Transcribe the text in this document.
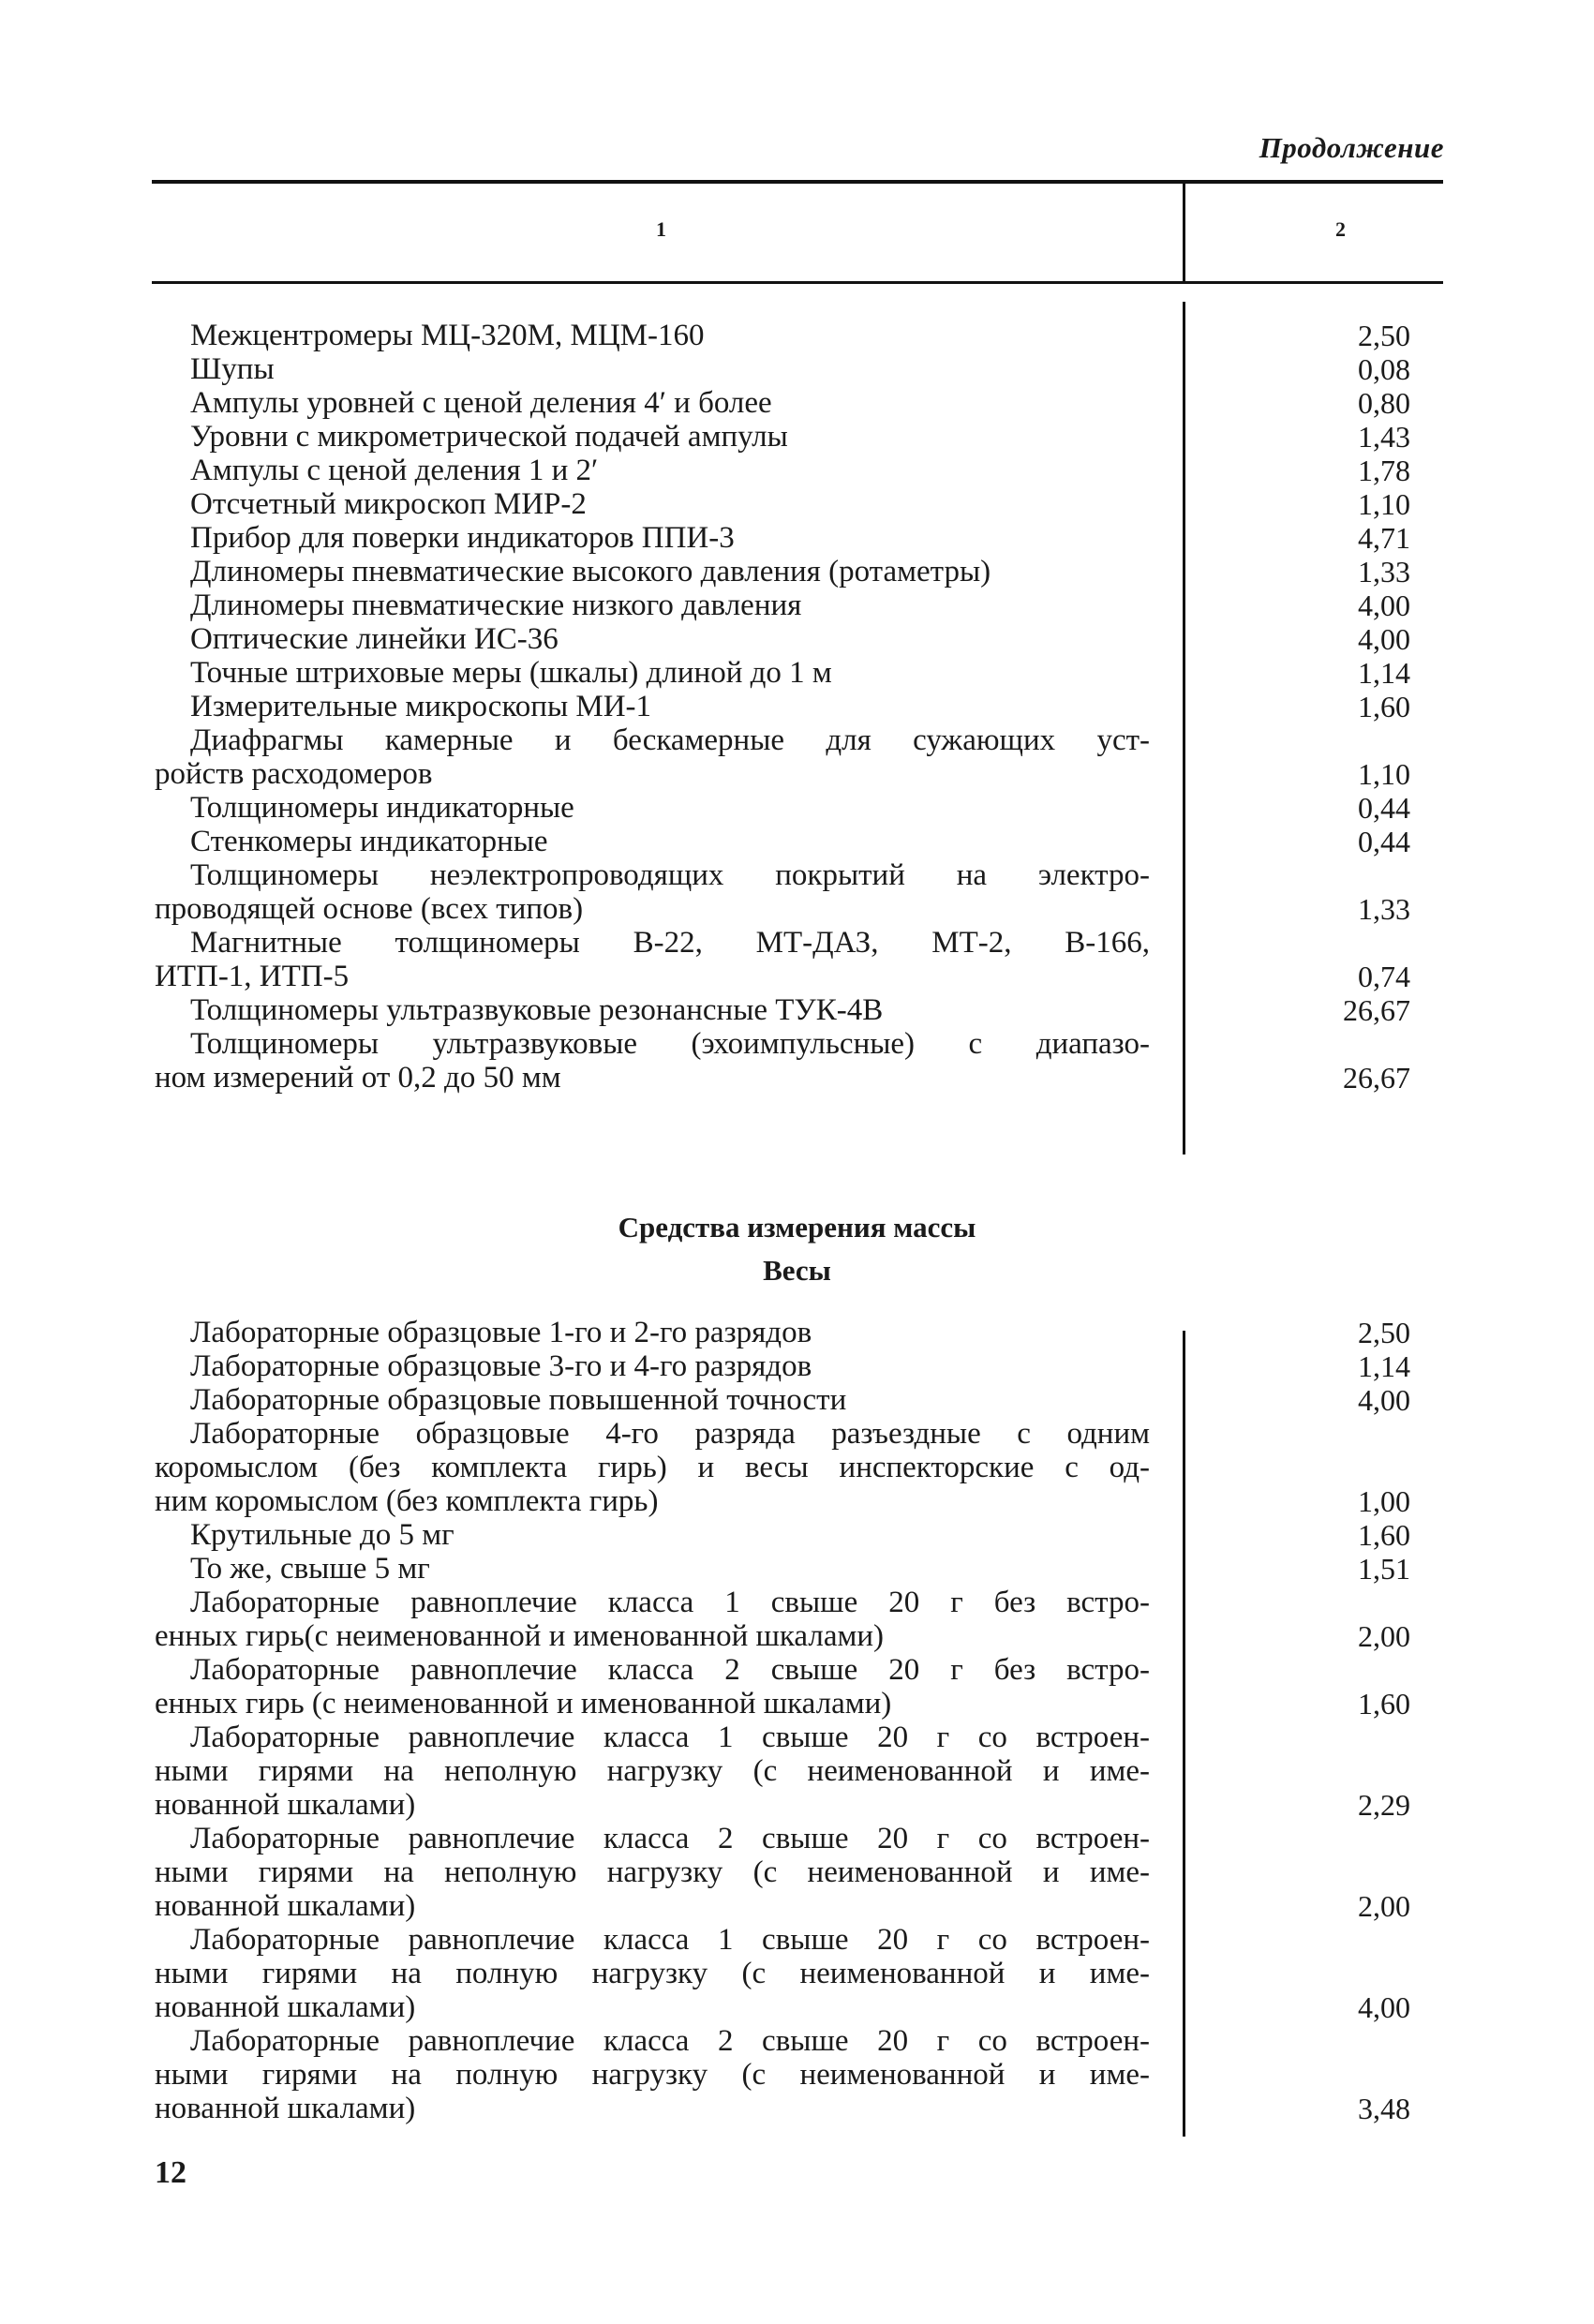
Продолжение
1	2
Межцентромеры МЦ-320М, МЦМ-160	2,50
Шупы	0,08
Ампулы уровней с ценой деления 4′ и более	0,80
Уровни с микрометрической подачей ампулы	1,43
Ампулы с ценой деления 1 и 2′	1,78
Отсчетный микроскоп МИР-2	1,10
Прибор для поверки индикаторов ППИ-3	4,71
Длиномеры пневматические высокого давления (ротаметры)	1,33
Длиномеры пневматические низкого давления	4,00
Оптические линейки ИС-36	4,00
Точные штриховые меры (шкалы) длиной до 1 м	1,14
Измерительные микроскопы МИ-1	1,60
Диафрагмы камерные и бескамерные для сужающих уст-
ройств расходомеров	1,10
Толщиномеры индикаторные	0,44
Стенкомеры индикаторные	0,44
Толщиномеры неэлектропроводящих покрытий на электро-
проводящей основе (всех типов)	1,33
Магнитные толщиномеры В-22, МТ-ДАЗ, МТ-2, В-166,
ИТП-1, ИТП-5	0,74
Толщиномеры ультразвуковые резонансные ТУК-4В	26,67
Толщиномеры ультразвуковые (эхоимпульсные) с диапазо-
ном измерений от 0,2 до 50 мм	26,67
Средства измерения массы
Весы
Лабораторные образцовые 1-го и 2-го разрядов	2,50
Лабораторные образцовые 3-го и 4-го разрядов	1,14
Лабораторные образцовые повышенной точности	4,00
Лабораторные образцовые 4-го разряда разъездные с одним
коромыслом (без комплекта гирь) и весы инспекторские с од-
ним коромыслом (без комплекта гирь)	1,00
Крутильные до 5 мг	1,60
То же, свыше 5 мг	1,51
Лабораторные равноплечие класса 1 свыше 20 г без встро-
енных гирь(с неименованной и именованной шкалами)	2,00
Лабораторные равноплечие класса 2 свыше 20 г без встро-
енных гирь (с неименованной и именованной шкалами)	1,60
Лабораторные равноплечие класса 1 свыше 20 г со встроен-
ными гирями на неполную нагрузку (с неименованной и име-
нованной шкалами)	2,29
Лабораторные равноплечие класса 2 свыше 20 г со встроен-
ными гирями на неполную нагрузку (с неименованной и име-
нованной шкалами)	2,00
Лабораторные равноплечие класса 1 свыше 20 г со встроен-
ными гирями на полную нагрузку (с неименованной и име-
нованной шкалами)	4,00
Лабораторные равноплечие класса 2 свыше 20 г со встроен-
ными гирями на полную нагрузку (с неименованной и име-
нованной шкалами)	3,48
12
